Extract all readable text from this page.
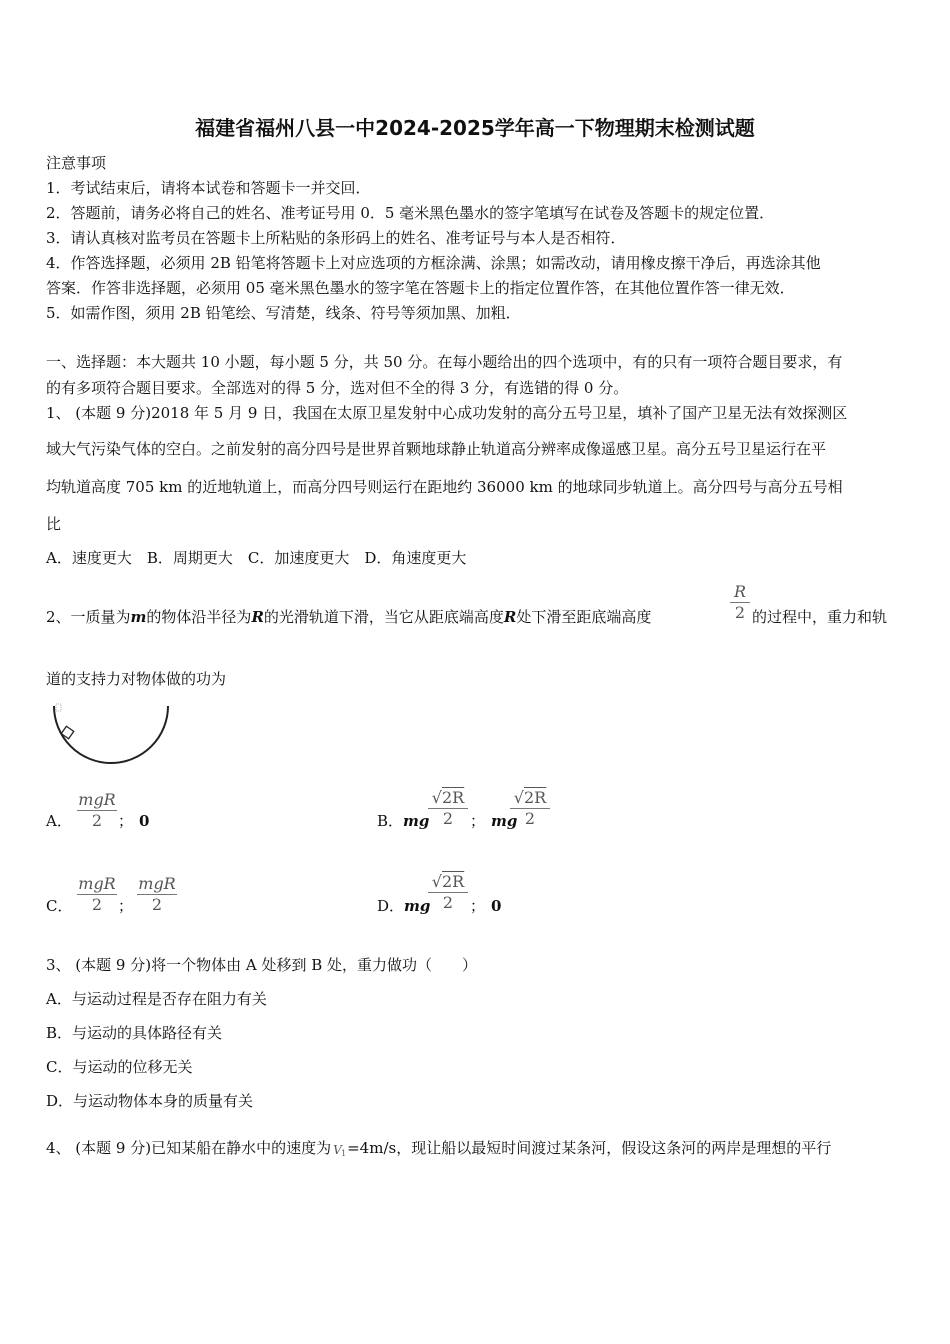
福建省福州八县一中2024-2025学年高一下物理期末检测试题
注意事项
1．考试结束后，请将本试卷和答题卡一并交回．
2．答题前，请务必将自己的姓名、准考证号用 0．5 毫米黑色墨水的签字笔填写在试卷及答题卡的规定位置．
3．请认真核对监考员在答题卡上所粘贴的条形码上的姓名、准考证号与本人是否相符．
4．作答选择题，必须用 2B 铅笔将答题卡上对应选项的方框涂满、涂黑；如需改动，请用橡皮擦干净后，再选涂其他
答案．作答非选择题，必须用 05 毫米黑色墨水的签字笔在答题卡上的指定位置作答，在其他位置作答一律无效．
5．如需作图，须用 2B 铅笔绘、写清楚，线条、符号等须加黑、加粗．
一、选择题：本大题共 10 小题，每小题 5 分，共 50 分。在每小题给出的四个选项中，有的只有一项符合题目要求，有
的有多项符合题目要求。全部选对的得 5 分，选对但不全的得 3 分，有选错的得 0 分。
1、 (本题 9 分)2018 年 5 月 9 日，我国在太原卫星发射中心成功发射的高分五号卫星，填补了国产卫星无法有效探测区
域大气污染气体的空白。之前发射的高分四号是世界首颗地球静止轨道高分辨率成像遥感卫星。高分五号卫星运行在平
均轨道高度 705 km 的近地轨道上，而高分四号则运行在距地约 36000 km 的地球同步轨道上。高分四号与高分五号相
比
A．速度更大　B．周期更大　C．加速度更大　D．角速度更大
2、一质量为m的物体沿半径为R的光滑轨道下滑，当它从距底端高度R处下滑至距底端高度
R
2 的过程中，重力和轨
道的支持力对物体做的功为
A．
mgR
2	； 0	B．mg
√2R
2	； mg
√2R
2
C．
mgR
2	；
mgR
2	D．mg
√2R
2	； 0
3、 (本题 9 分)将一个物体由 A 处移到 B 处，重力做功（　　）
A．与运动过程是否存在阻力有关
B．与运动的具体路径有关
C．与运动的位移无关
D．与运动物体本身的质量有关
4、 (本题 9 分)已知某船在静水中的速度为 V 1 =4m/s，现让船以最短时间渡过某条河，假设这条河的两岸是理想的平行
